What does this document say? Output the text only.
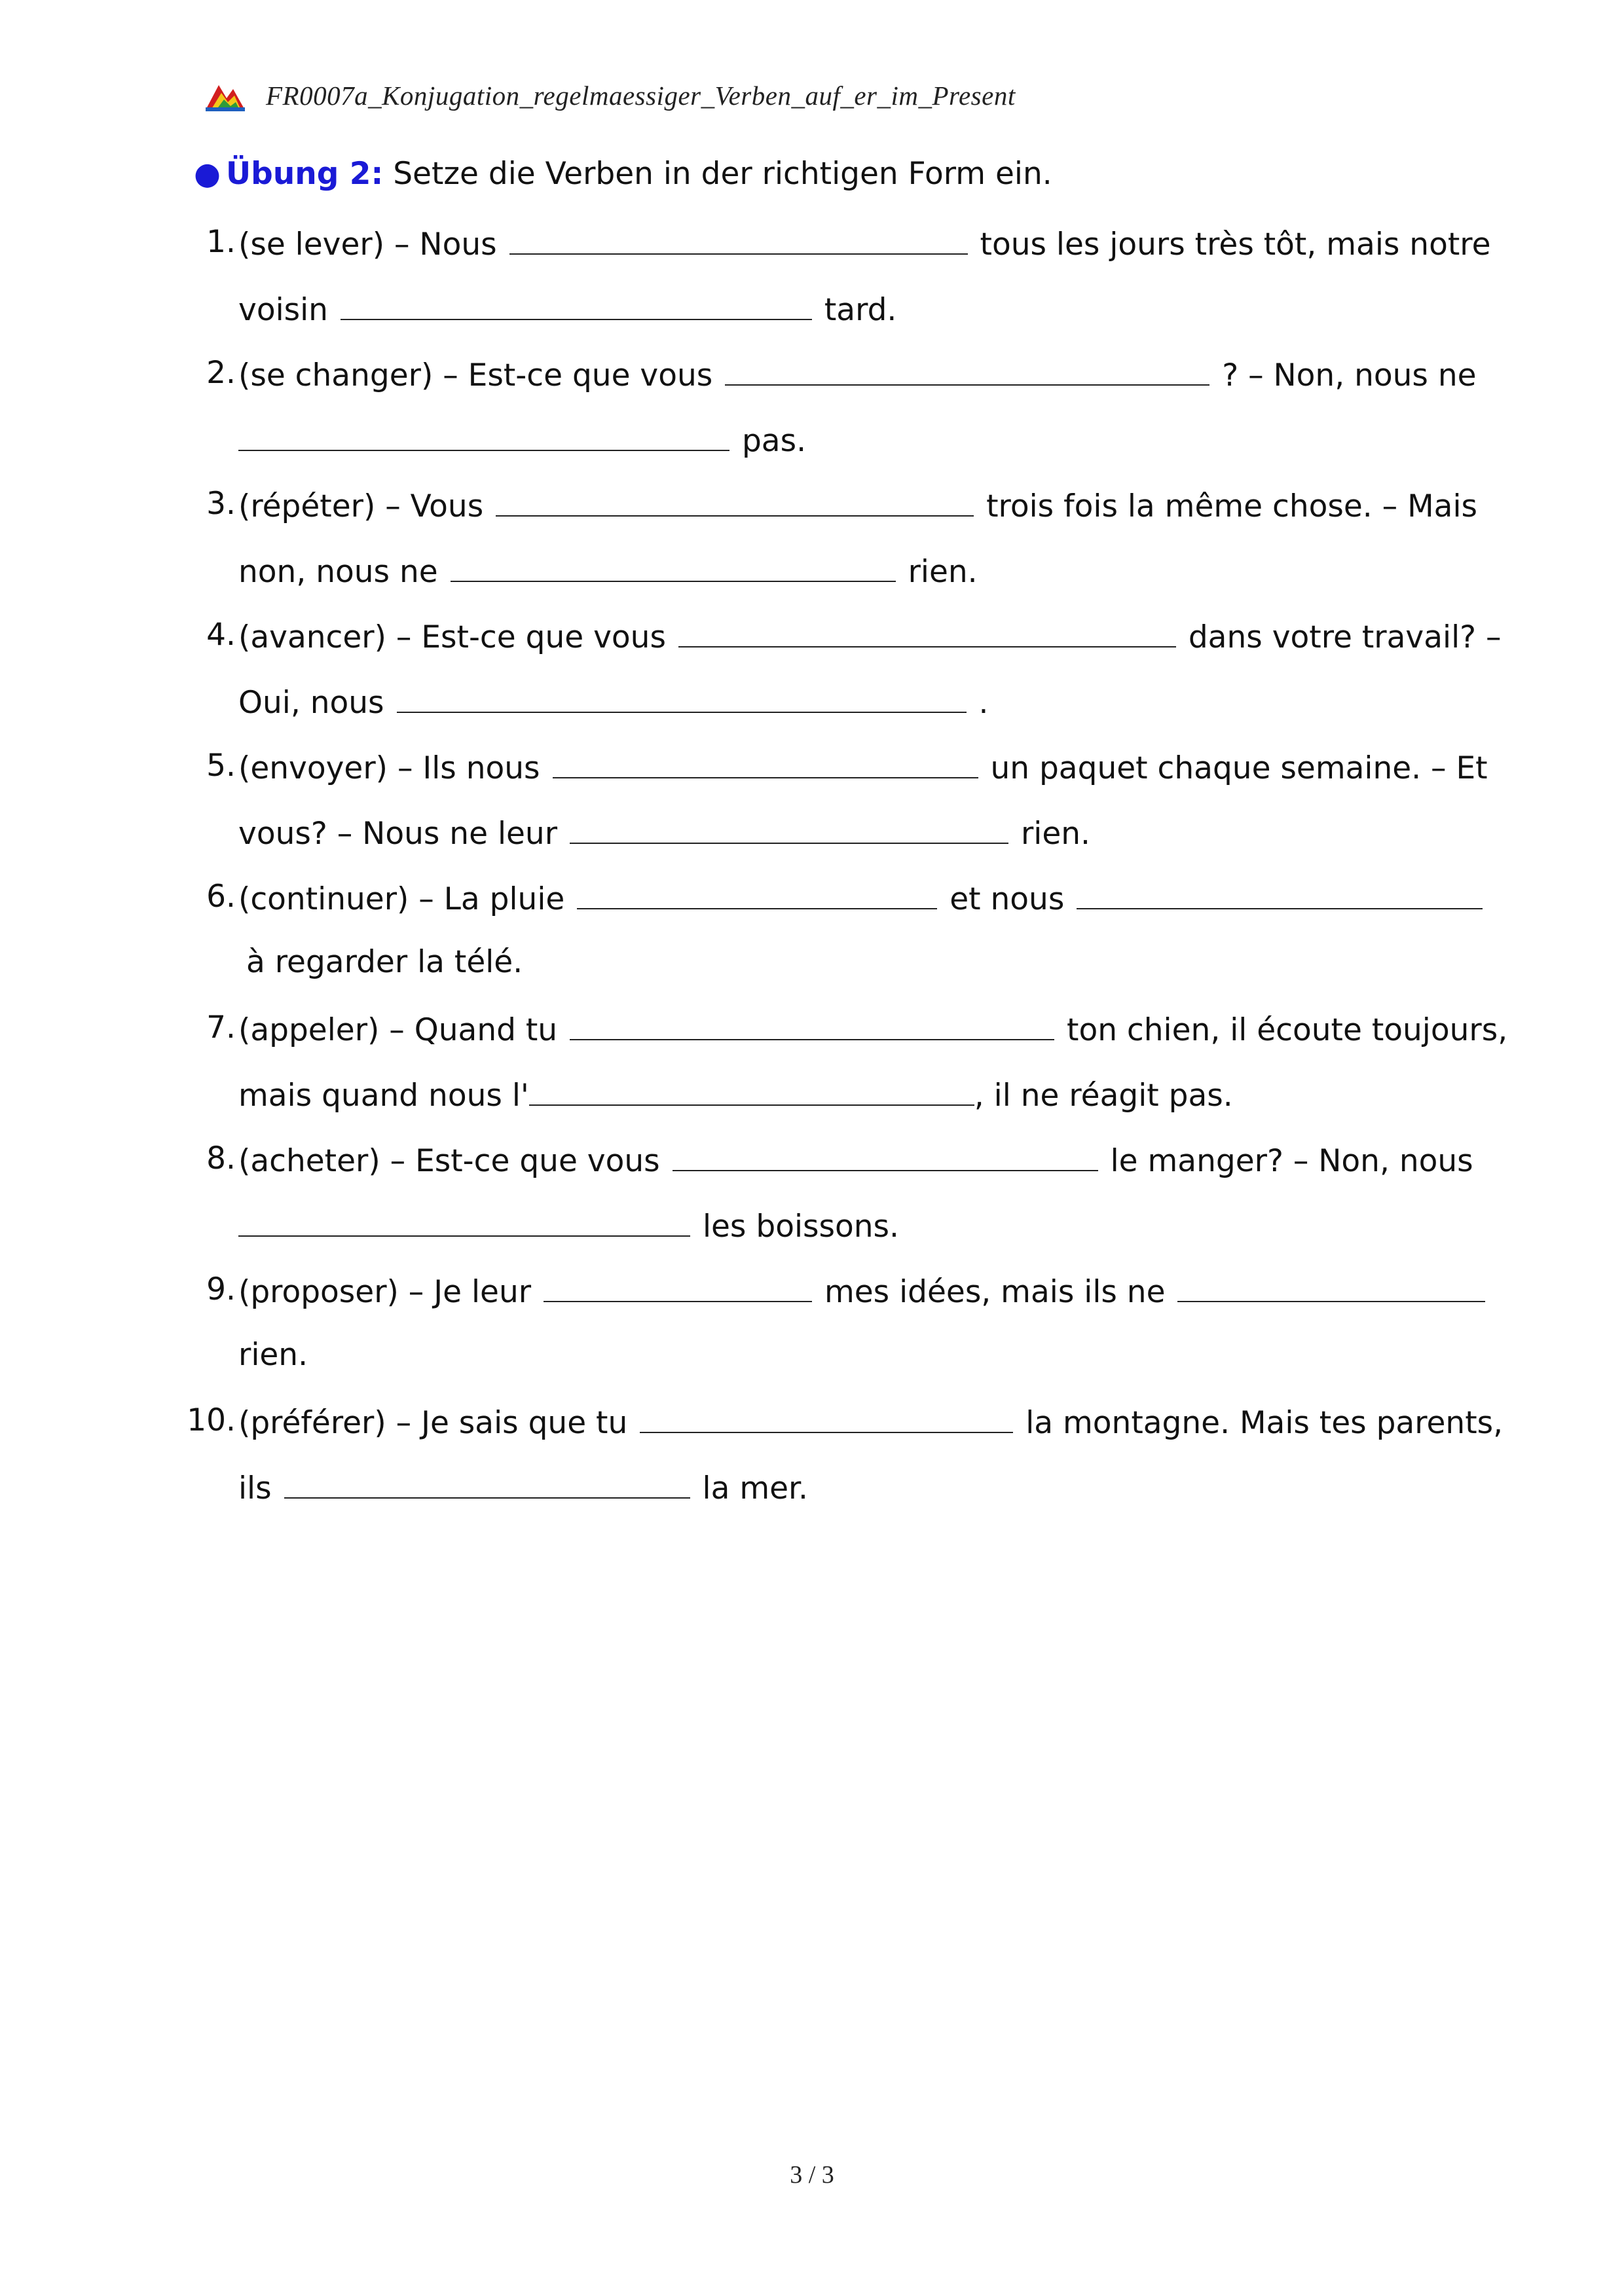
FR0007a_Konjugation_regelmaessiger_Verben_auf_er_im_Present
● Übung 2: Setze die Verben in der richtigen Form ein.
1. (se lever) – Nous	tous les jours très tôt, mais notre
voisin	tard.
2. (se changer) – Est-ce que vous	? – Non, nous ne
pas.
3. (répéter) – Vous	trois fois la même chose. – Mais
non, nous ne	rien.
4. (avancer) – Est-ce que vous	dans votre travail? –
Oui, nous	.
5. (envoyer) – Ils nous	un paquet chaque semaine. – Et
vous? – Nous ne leur	rien.
6. (continuer) – La pluie	et nous
à regarder la télé.
7. (appeler) – Quand tu	ton chien, il écoute toujours,
mais quand nous l'	, il ne réagit pas.
8. (acheter) – Est-ce que vous	le manger? – Non, nous
les boissons.
9. (proposer) – Je leur	mes idées, mais ils ne
rien.
10. (préférer) – Je sais que tu	la montagne. Mais tes parents,
ils	la mer.
3 / 3
